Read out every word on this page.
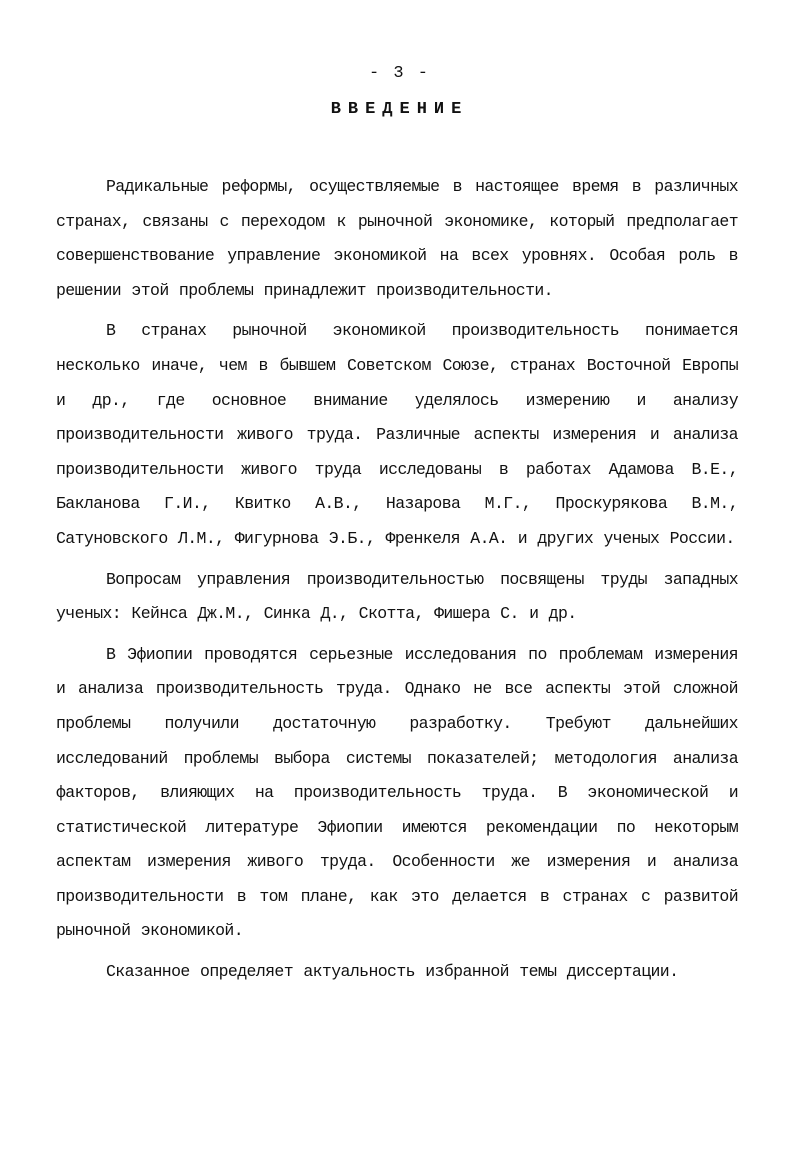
- 3 -
ВВЕДЕНИЕ

Радикальные реформы, осуществляемые в настоящее время в различных странах, связаны с переходом к рыночной экономике, который предполагает совершенствование управление экономикой на всех уровнях. Особая роль в решении этой проблемы принадлежит производительности.

В странах рыночной экономикой производительность понимается несколько иначе, чем в бывшем Советском Союзе, странах Восточной Европы и др., где основное внимание уделялось измерению и анализу производительности живого труда. Различные аспекты измерения и анализа производительности живого труда исследованы в работах Адамова В.Е., Бакланова Г.И., Квитко А.В., Назарова М.Г., Проскурякова В.М., Сатуновского Л.М., Фигурнова Э.Б., Френкеля А.А. и других ученых России.

Вопросам управления производительностью посвящены труды западных ученых: Кейнса Дж.М., Синка Д., Скотта, Фишера С. и др.

В Эфиопии проводятся серьезные исследования по проблемам измерения и анализа производительность труда. Однако не все аспекты этой сложной проблемы получили достаточную разработку. Требуют дальнейших исследований проблемы выбора системы показателей; методология анализа факторов, влияющих на производительность труда. В экономической и статистической литературе Эфиопии имеются рекомендации по некоторым аспектам измерения живого труда. Особенности же измерения и анализа производительности в том плане, как это делается в странах с развитой рыночной экономикой.

Сказанное определяет актуальность избранной темы диссертации.
